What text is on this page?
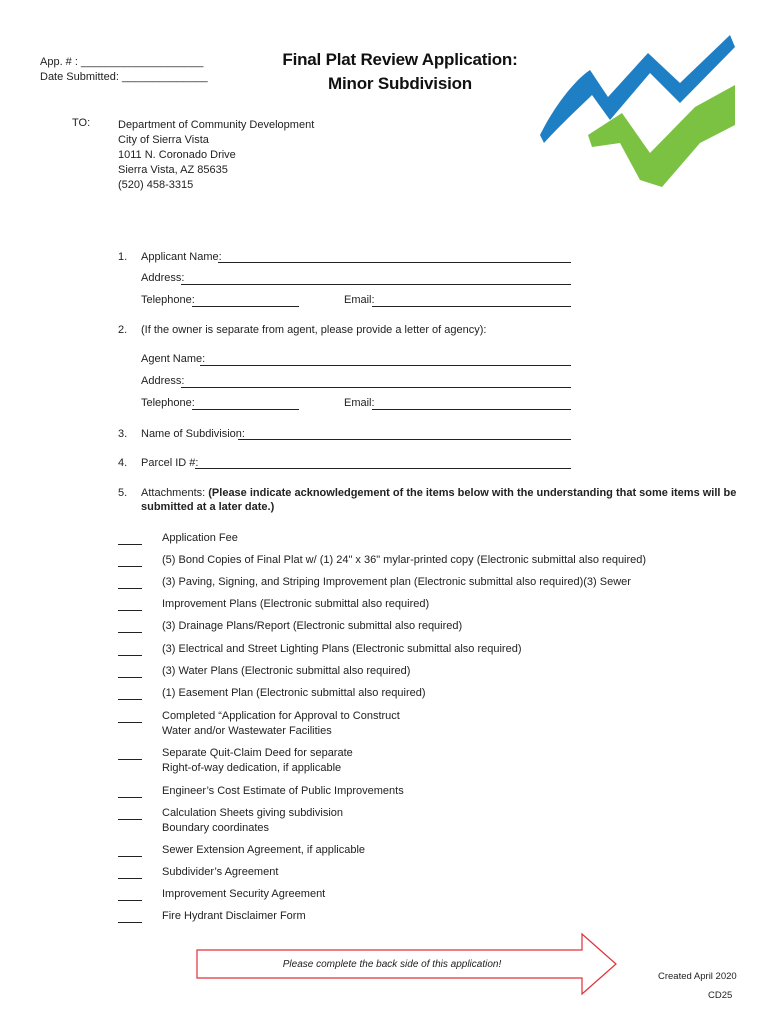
App. # : ____________________
Date Submitted: ______________
Final Plat Review Application:
Minor Subdivision
TO:	Department of Community Development
City of Sierra Vista
1011 N. Coronado Drive
Sierra Vista, AZ 85635
(520) 458-3315
1. Applicant Name:
Address:
Telephone:	Email:
2. (If the owner is separate from agent, please provide a letter of agency):
Agent Name:
Address:
Telephone:	Email:
3. Name of Subdivision:
4. Parcel ID #:
5. Attachments: (Please indicate acknowledgement of the items below with the understanding that some items will be
submitted at a later date.)
Application Fee
(5) Bond Copies of Final Plat w/ (1) 24" x 36" mylar-printed copy (Electronic submittal also required)
(3) Paving, Signing, and Striping Improvement plan (Electronic submittal also required)(3) Sewer
Improvement Plans (Electronic submittal also required)
(3) Drainage Plans/Report (Electronic submittal also required)
(3) Electrical and Street Lighting Plans (Electronic submittal also required)
(3) Water Plans (Electronic submittal also required)
(1) Easement Plan (Electronic submittal also required)
Completed “Application for Approval to Construct
Water and/or Wastewater Facilities
Separate Quit-Claim Deed for separate
Right-of-way dedication, if applicable
Engineer’s Cost Estimate of Public Improvements
Calculation Sheets giving subdivision
Boundary coordinates
Sewer Extension Agreement, if applicable
Subdivider’s Agreement
Improvement Security Agreement
Fire Hydrant Disclaimer Form
Please complete the back side of this application!
Created April 2020
CD25
